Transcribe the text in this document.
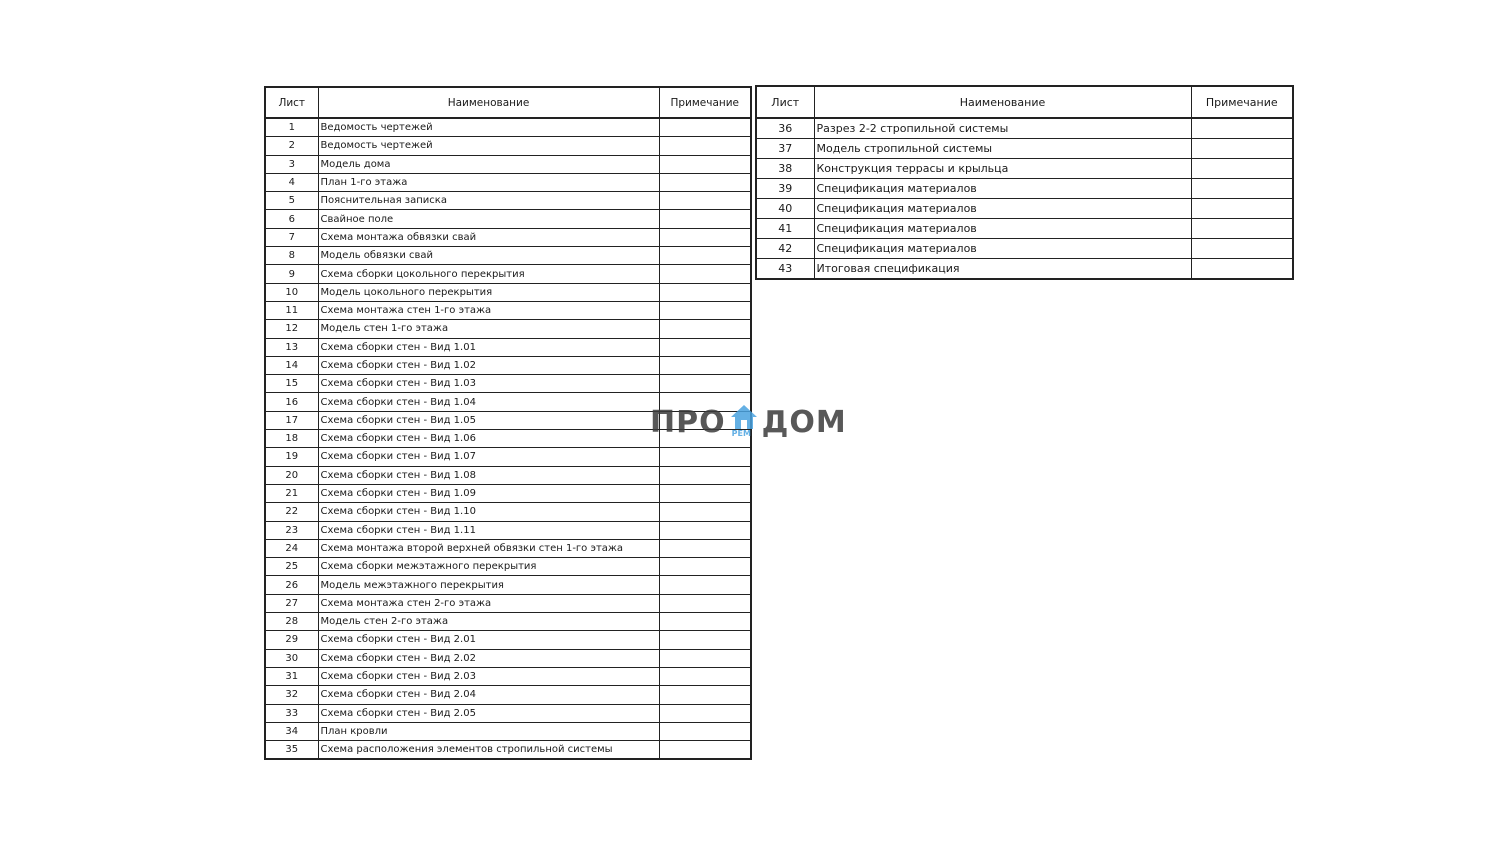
Лист	Наименование	Примечание
1	Ведомость чертежей	
2	Ведомость чертежей	
3	Модель дома	
4	План 1-го этажа	
5	Пояснительная записка	
6	Свайное поле	
7	Схема монтажа обвязки свай	
8	Модель обвязки свай	
9	Схема сборки цокольного перекрытия	
10	Модель цокольного перекрытия	
11	Схема монтажа стен 1-го этажа	
12	Модель стен 1-го этажа	
13	Схема сборки стен - Вид 1.01	
14	Схема сборки стен - Вид 1.02	
15	Схема сборки стен - Вид 1.03	
16	Схема сборки стен - Вид 1.04	
17	Схема сборки стен - Вид 1.05	
18	Схема сборки стен - Вид 1.06	
19	Схема сборки стен - Вид 1.07	
20	Схема сборки стен - Вид 1.08	
21	Схема сборки стен - Вид 1.09	
22	Схема сборки стен - Вид 1.10	
23	Схема сборки стен - Вид 1.11	
24	Схема монтажа второй верхней обвязки стен 1-го этажа	
25	Схема сборки межэтажного перекрытия	
26	Модель межэтажного перекрытия	
27	Схема монтажа стен 2-го этажа	
28	Модель стен 2-го этажа	
29	Схема сборки стен - Вид 2.01	
30	Схема сборки стен - Вид 2.02	
31	Схема сборки стен - Вид 2.03	
32	Схема сборки стен - Вид 2.04	
33	Схема сборки стен - Вид 2.05	
34	План кровли	
35	Схема расположения элементов стропильной системы	
Лист	Наименование	Примечание
36	Разрез 2-2 стропильной системы	
37	Модель стропильной системы	
38	Конструкция террасы и крыльца	
39	Спецификация материалов	
40	Спецификация материалов	
41	Спецификация материалов	
42	Спецификация материалов	
43	Итоговая спецификация	
ПРО РЕМ ДОМ
